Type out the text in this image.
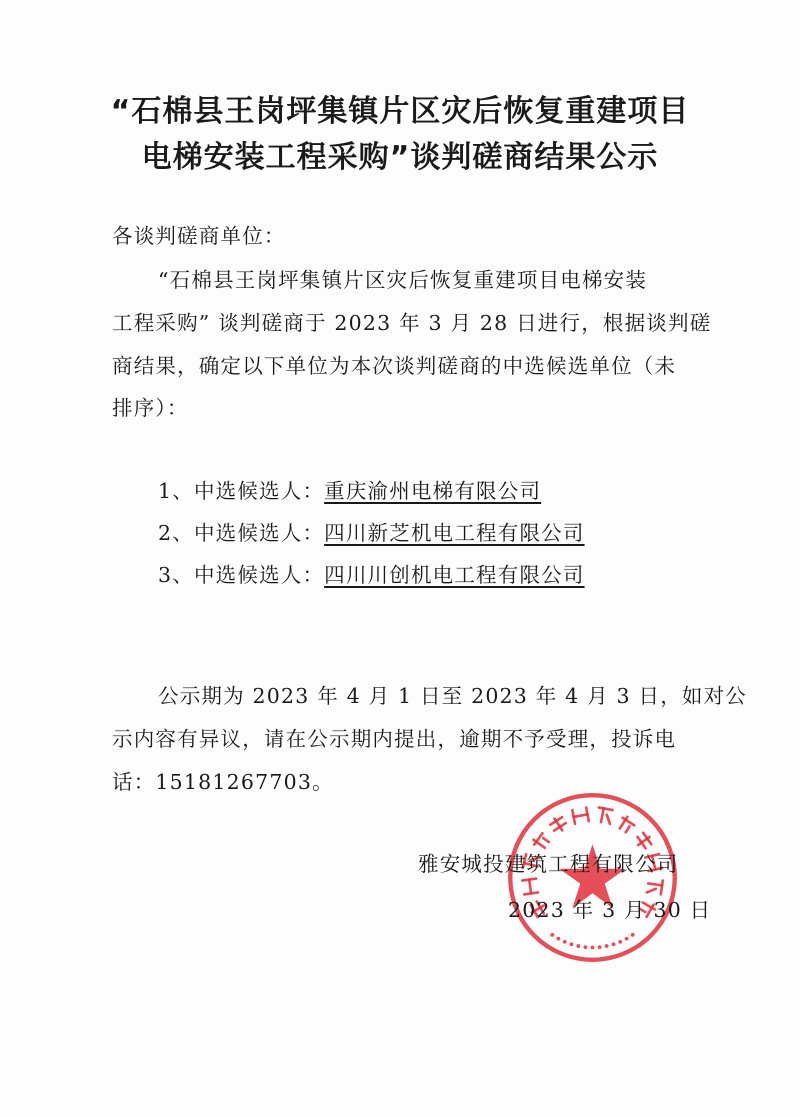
“石棉县王岗坪集镇片区灾后恢复重建项目
电梯安装工程采购”谈判磋商结果公示
各谈判磋商单位：
“石棉县王岗坪集镇片区灾后恢复重建项目电梯安装
工程采购” 谈判磋商于 2023 年 3 月 28 日进行，根据谈判磋
商结果，确定以下单位为本次谈判磋商的中选候选单位（未
排序）：
1、中选候选人：重庆渝州电梯有限公司
2、中选候选人：四川新芝机电工程有限公司
3、中选候选人：四川川创机电工程有限公司
公示期为 2023 年 4 月 1 日至 2023 年 4 月 3 日，如对公
示内容有异议，请在公示期内提出，逾期不予受理，投诉电
话：15181267703。
雅安城投建筑工程有限公司
2023 年 3 月 30 日
